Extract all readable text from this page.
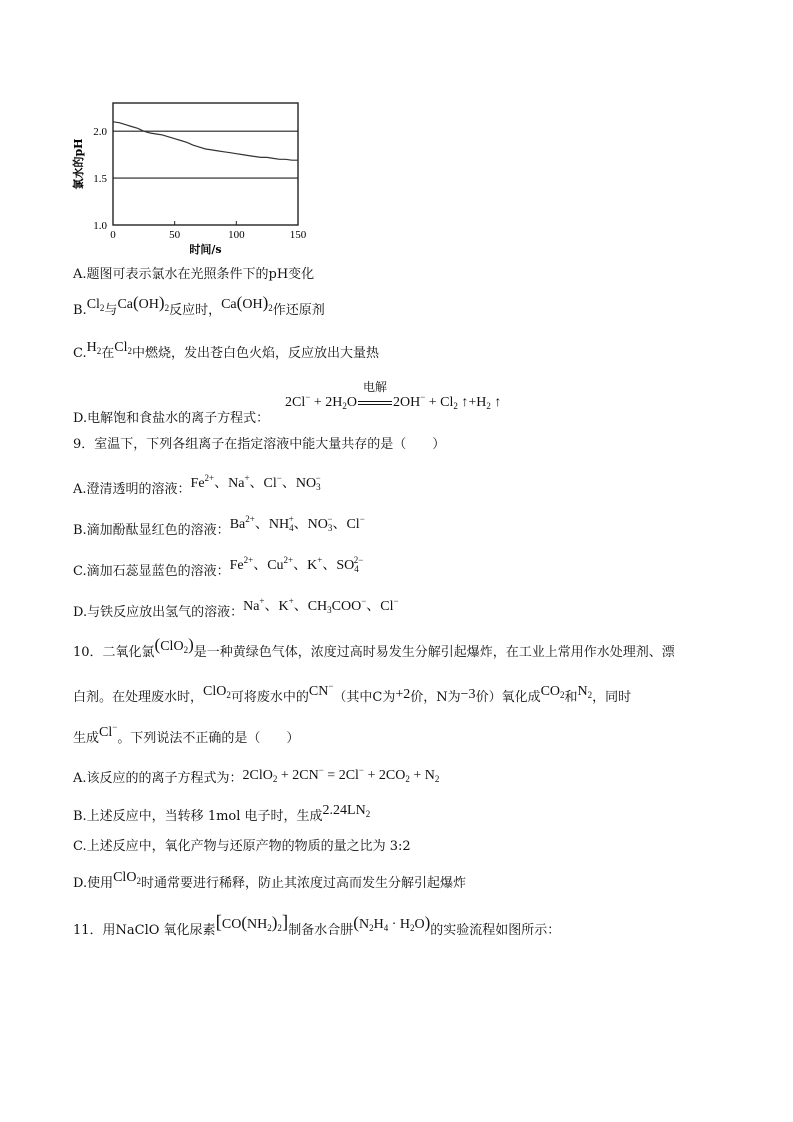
1.0
1.5
2.0
0	50	100	150
时间/s
氯水的pH
A.题图可表示氯水在光照条件下的pH变化
$B.Cl_2$与$Ca(OH)_2$反应时，$Ca(OH)_2$作还原剂
$C.H_2$在$Cl_2$中燃烧，发出苍白色火焰，反应放出大量热
$2Cl^- + 2H_2O$
电解
$2OH^- + Cl_2$ $↑+H_2$ ↑
D.电解饱和食盐水的离子方程式：
9．室温下，下列各组离子在指定溶液中能大量共存的是（　　）
A.澄清透明的溶液：$Fe^{2+}$、Na+、Cl−、$NO_3^-$
B.滴加酚酞显红色的溶液：$Ba^{2+}$、$NH_4^+$、$NO_3^-$、Cl−
C.滴加石蕊显蓝色的溶液：$Fe^{2+}$、$Cu^{2+}$、K+、$SO_4^{2-}$
D.与铁反应放出氢气的溶液：Na+、K+、$CH_3COO^-$、Cl−
10．二氧化氯(ClO$_2$)是一种黄绿色气体，浓度过高时易发生分解引起爆炸，在工业上常用作水处理剂、漂
白剂。在处理废水时，ClO$_2$可将废水中的CN−（其中C为+2价，N为−3价）氧化成$CO_2$和$N_2$，同时
生成Cl−。下列说法不正确的是（　　）
A.该反应的的离子方程式为：$2ClO_2 + 2CN^- = 2Cl^- + 2CO_2 + N_2$
B.上述反应中，当转移 1mol 电子时，生成$2.24LN_2$
C.上述反应中，氧化产物与还原产物的物质的量之比为 3:2
D.使用ClO$_2$时通常要进行稀释，防止其浓度过高而发生分解引起爆炸
11．用NaClO 氧化尿素$[CO(NH_2)_2]$制备水合肼$(N_2H_4 \cdot H_2O)$的实验流程如图所示：
